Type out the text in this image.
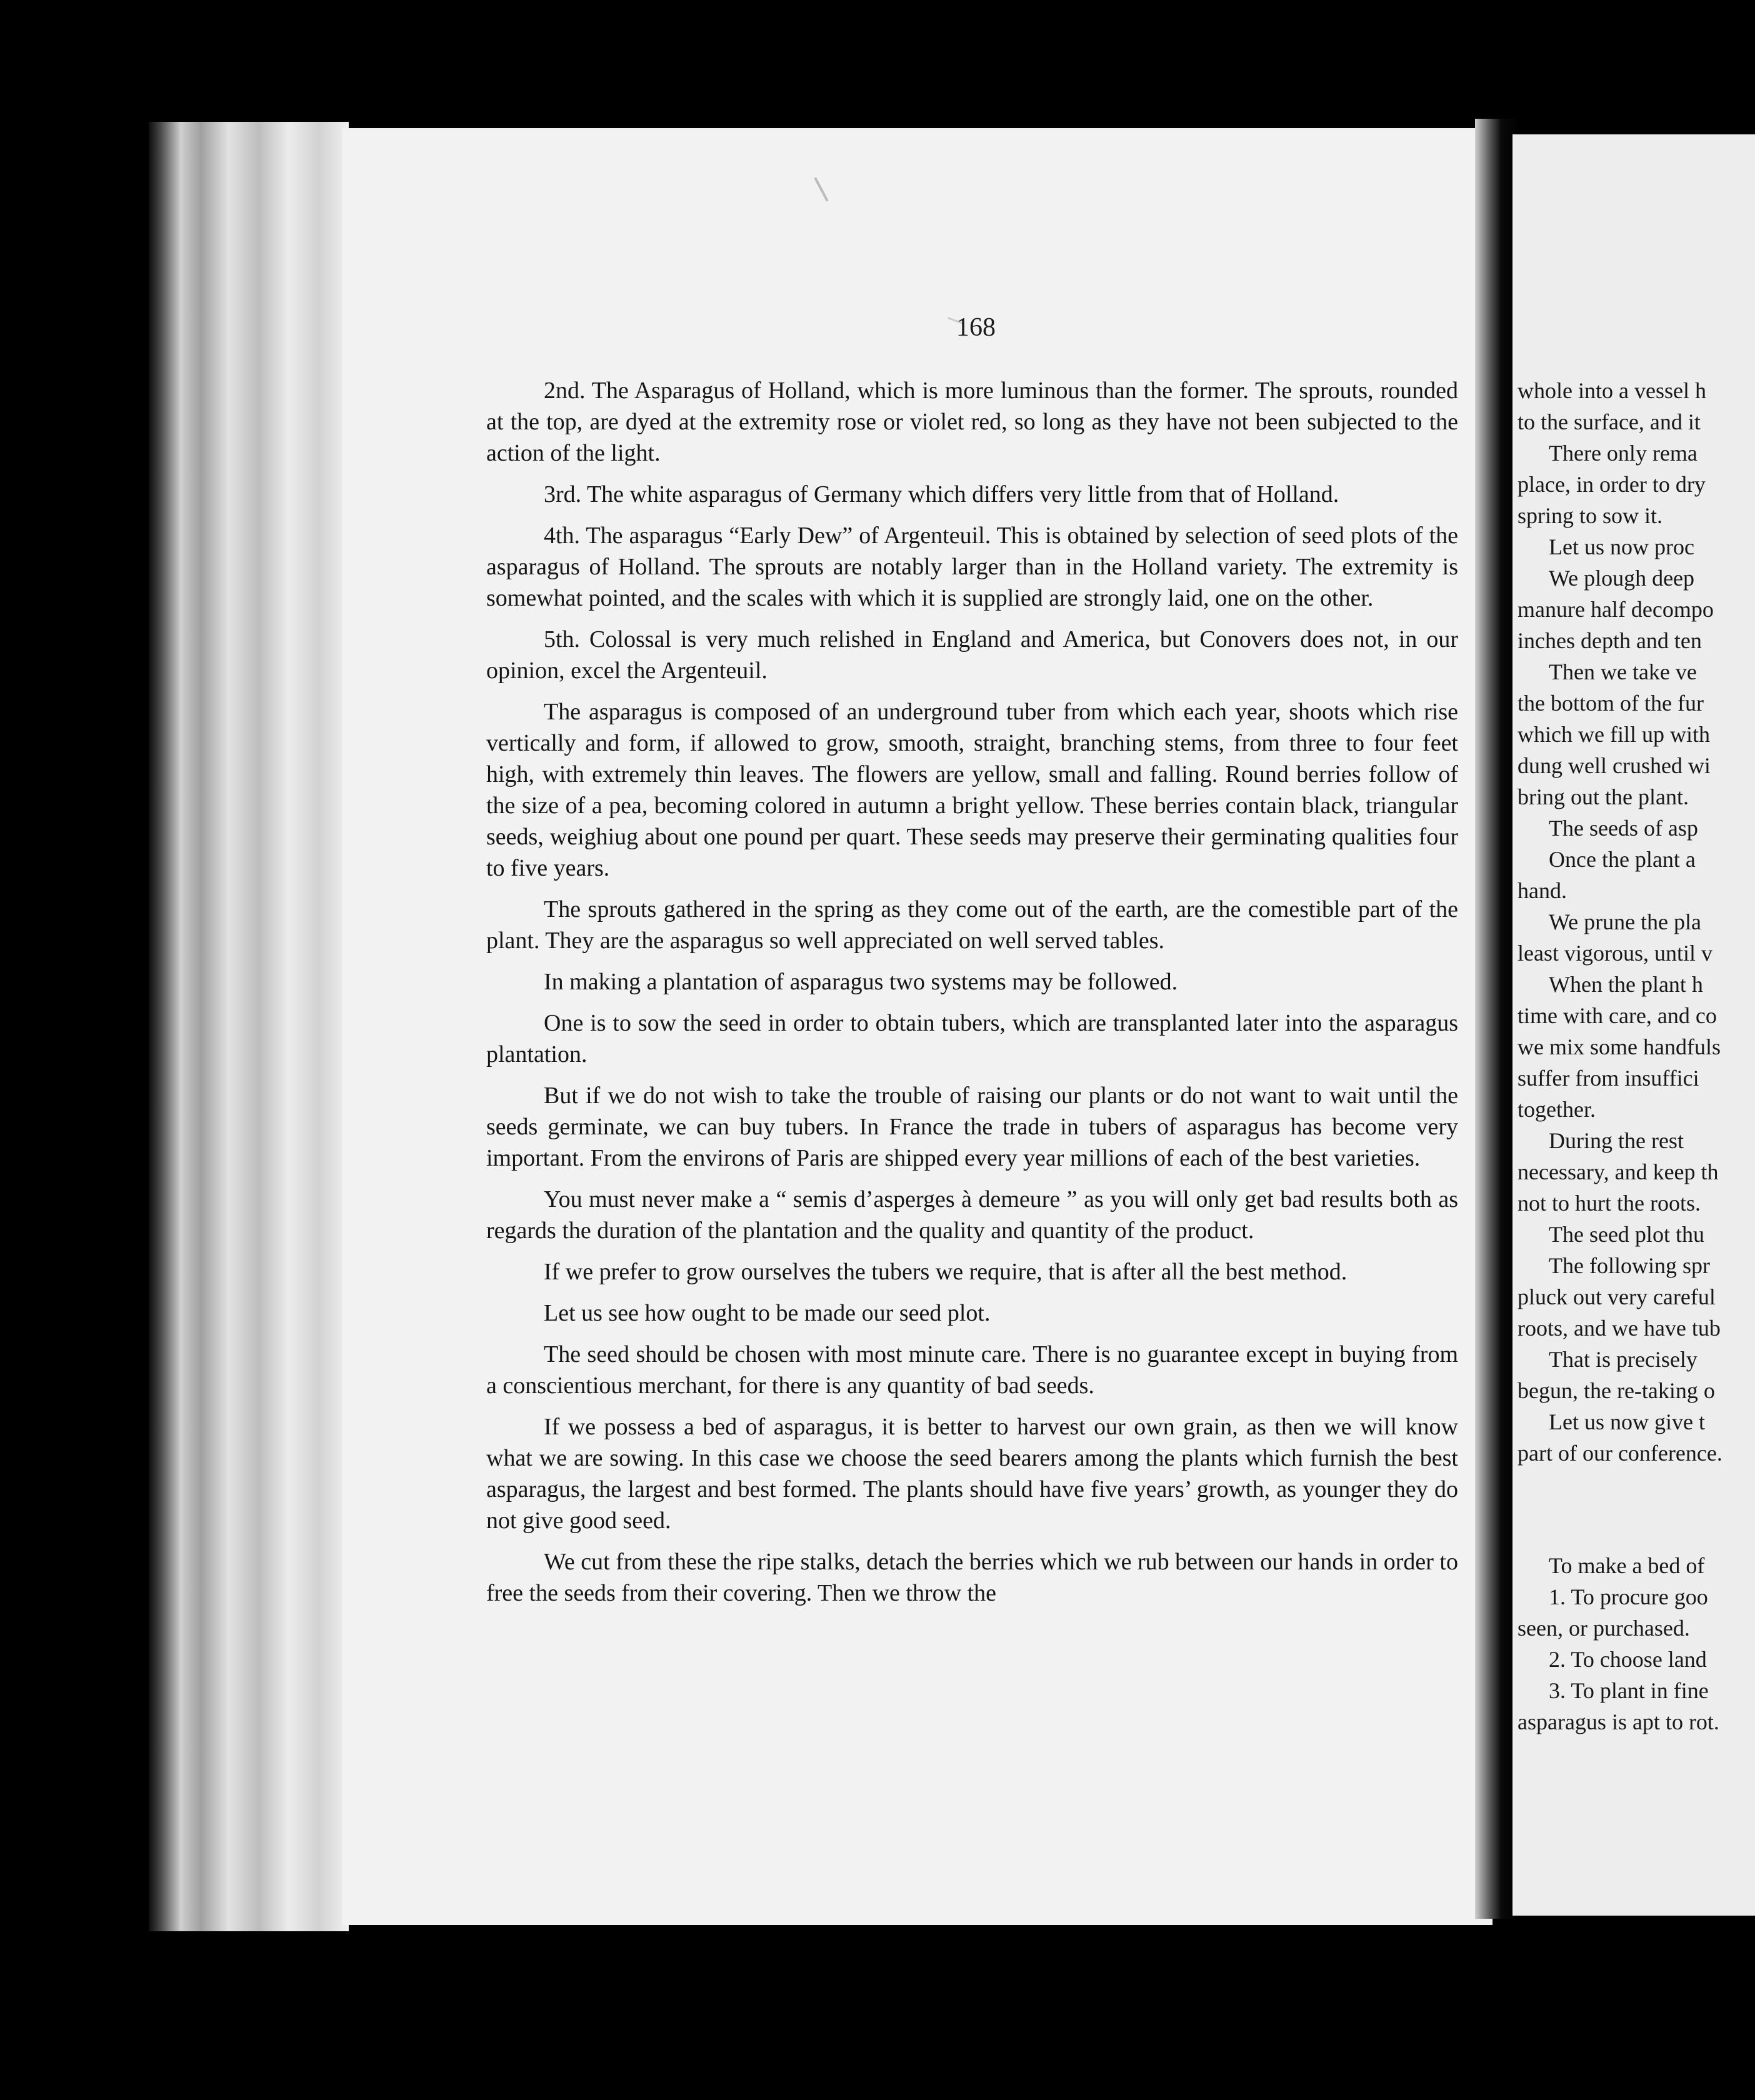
168

2nd. The Asparagus of Holland, which is more luminous than the former. The sprouts, rounded at the top, are dyed at the extremity rose or violet red, so long as they have not been subjected to the action of the light.

3rd. The white asparagus of Germany which differs very little from that of Holland.

4th. The asparagus “Early Dew” of Argenteuil. This is obtained by selection of seed plots of the asparagus of Holland. The sprouts are notably larger than in the Holland variety. The extremity is somewhat pointed, and the scales with which it is supplied are strongly laid, one on the other.

5th. Colossal is very much relished in England and America, but Conovers does not, in our opinion, excel the Argenteuil.

The asparagus is composed of an underground tuber from which each year, shoots which rise vertically and form, if allowed to grow, smooth, straight, branching stems, from three to four feet high, with extremely thin leaves. The flowers are yellow, small and falling. Round berries follow of the size of a pea, becoming colored in autumn a bright yellow. These berries contain black, triangular seeds, weighiug about one pound per quart. These seeds may preserve their germinating qualities four to five years.

The sprouts gathered in the spring as they come out of the earth, are the comestible part of the plant. They are the asparagus so well appreciated on well served tables.

In making a plantation of asparagus two systems may be followed.

One is to sow the seed in order to obtain tubers, which are transplanted later into the asparagus plantation.

But if we do not wish to take the trouble of raising our plants or do not want to wait until the seeds germinate, we can buy tubers. In France the trade in tubers of asparagus has become very important. From the environs of Paris are shipped every year millions of each of the best varieties.

You must never make a “ semis d’asperges à demeure ” as you will only get bad results both as regards the duration of the plantation and the quality and quantity of the product.

If we prefer to grow ourselves the tubers we require, that is after all the best method.

Let us see how ought to be made our seed plot.

The seed should be chosen with most minute care. There is no guarantee except in buying from a conscientious merchant, for there is any quantity of bad seeds.

If we possess a bed of asparagus, it is better to harvest our own grain, as then we will know what we are sowing. In this case we choose the seed bearers among the plants which furnish the best asparagus, the largest and best formed. The plants should have five years’ growth, as younger they do not give good seed.

We cut from these the ripe stalks, detach the berries which we rub between our hands in order to free the seeds from their covering. Then we throw the

whole into a vessel h
to the surface, and it
There only rema
place, in order to dry
spring to sow it.
Let us now proc
We plough deep
manure half decompo
inches depth and ten
Then we take ve
the bottom of the fur
which we fill up with
dung well crushed wi
bring out the plant.
The seeds of asp
Once the plant a
hand.
We prune the pla
least vigorous, until v
When the plant h
time with care, and co
we mix some handfuls
suffer from insuffici
together.
During the rest
necessary, and keep th
not to hurt the roots.
The seed plot thu
The following spr
pluck out very careful
roots, and we have tub
That is precisely
begun, the re-taking o
Let us now give t
part of our conference.
To make a bed of
1. To procure goo
seen, or purchased.
2. To choose land
3. To plant in fine
asparagus is apt to rot.
